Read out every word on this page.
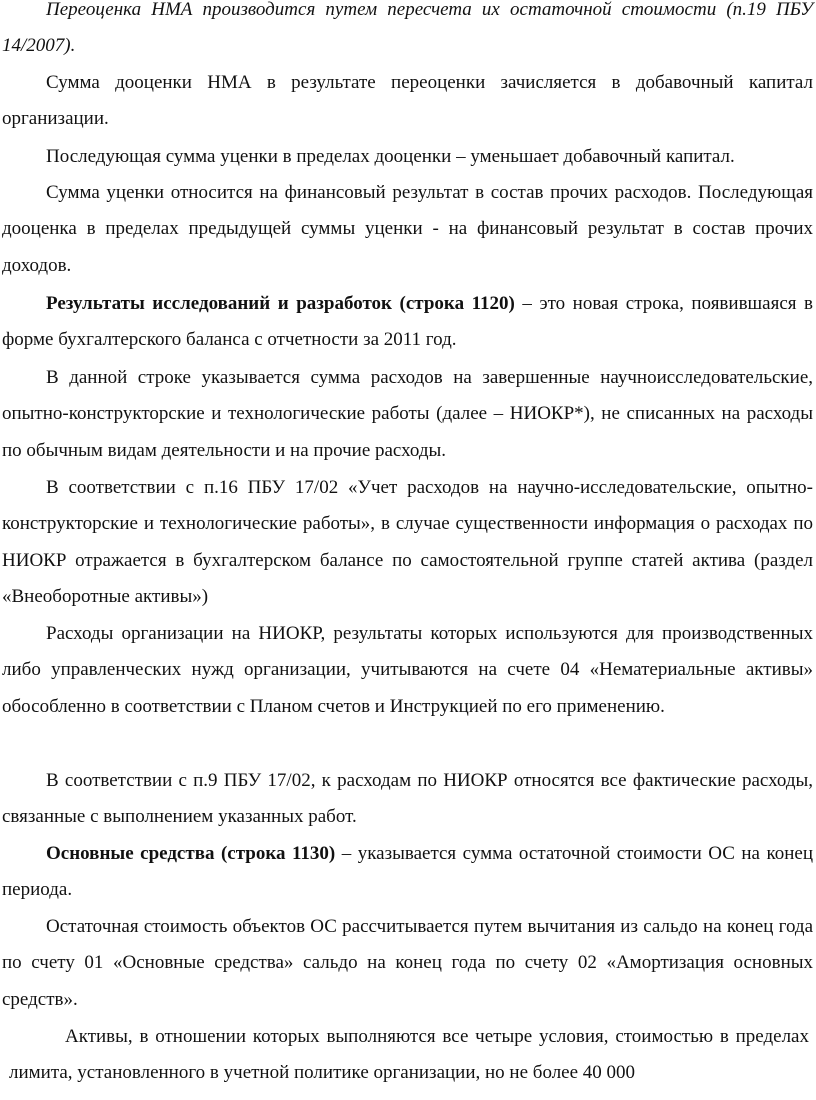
Переоценка НМА производится путем пересчета их остаточной стоимости (п.19 ПБУ 14/2007).

Сумма дооценки НМА в результате переоценки зачисляется в добавочный капитал организации.

Последующая сумма уценки в пределах дооценки – уменьшает добавочный капитал.

Сумма уценки относится на финансовый результат в состав прочих расходов. Последующая дооценка в пределах предыдущей суммы уценки - на финансовый результат в состав прочих доходов.

Результаты исследований и разработок (строка 1120) – это новая строка, появившаяся в форме бухгалтерского баланса с отчетности за 2011 год.

В данной строке указывается сумма расходов на завершенные научноисследовательские, опытно-конструкторские и технологические работы (далее – НИОКР*), не списанных на расходы по обычным видам деятельности и на прочие расходы.

В соответствии с п.16 ПБУ 17/02 «Учет расходов на научно-исследовательские, опытно-конструкторские и технологические работы», в случае существенности информация о расходах по НИОКР отражается в бухгалтерском балансе по самостоятельной группе статей актива (раздел «Внеоборотные активы»)

Расходы организации на НИОКР, результаты которых используются для производственных либо управленческих нужд организации, учитываются на счете 04 «Нематериальные активы» обособленно в соответствии с Планом счетов и Инструкцией по его применению.

В соответствии с п.9 ПБУ 17/02, к расходам по НИОКР относятся все фактические расходы, связанные с выполнением указанных работ.

Основные средства (строка 1130) – указывается сумма остаточной стоимости ОС на конец периода.

Остаточная стоимость объектов ОС рассчитывается путем вычитания из сальдо на конец года по счету 01 «Основные средства» сальдо на конец года по счету 02 «Амортизация основных средств».

Активы, в отношении которых выполняются все четыре условия, стоимостью в пределах лимита, установленного в учетной политике организации, но не более 40 000
